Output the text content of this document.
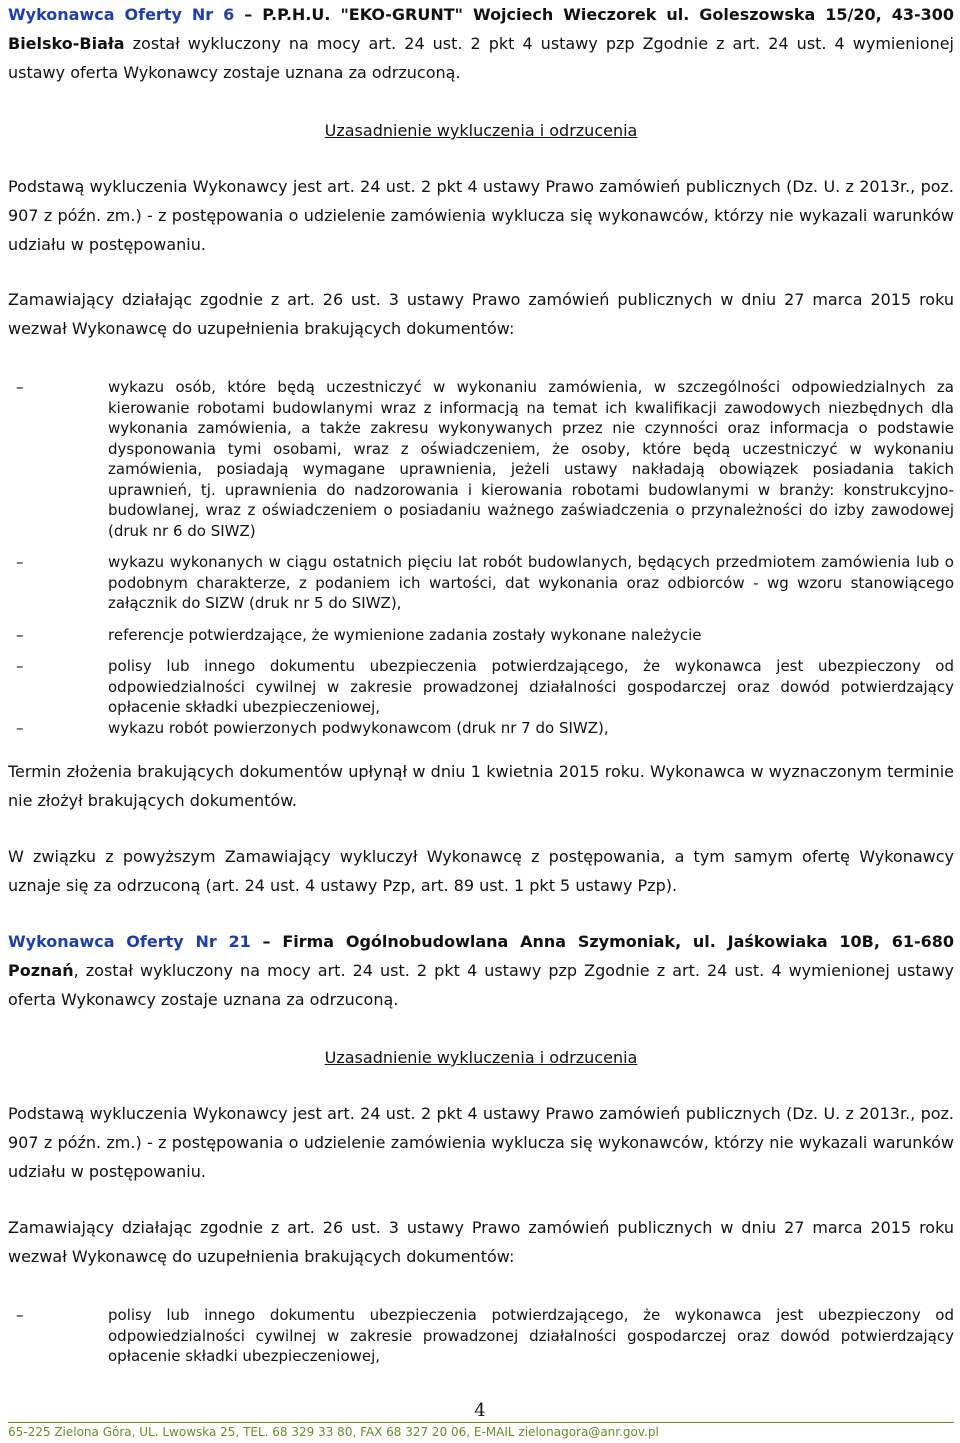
Wykonawca Oferty Nr 6 – P.P.H.U. "EKO-GRUNT" Wojciech Wieczorek ul. Goleszowska 15/20, 43-300 Bielsko-Biała został wykluczony na mocy art. 24 ust. 2 pkt 4 ustawy pzp Zgodnie z art. 24 ust. 4 wymienionej ustawy oferta Wykonawcy zostaje uznana za odrzuconą.

Uzasadnienie wykluczenia i odrzucenia

Podstawą wykluczenia Wykonawcy jest art. 24 ust. 2 pkt 4 ustawy Prawo zamówień publicznych (Dz. U. z 2013r., poz. 907 z późn. zm.) - z postępowania o udzielenie zamówienia wyklucza się wykonawców, którzy nie wykazali warunków udziału w postępowaniu.

Zamawiający działając zgodnie z art. 26 ust. 3 ustawy Prawo zamówień publicznych w dniu 27 marca 2015 roku wezwał Wykonawcę do uzupełnienia brakujących dokumentów:

– wykazu osób, które będą uczestniczyć w wykonaniu zamówienia, w szczególności odpowiedzialnych za kierowanie robotami budowlanymi wraz z informacją na temat ich kwalifikacji zawodowych niezbędnych dla wykonania zamówienia, a także zakresu wykonywanych przez nie czynności oraz informacja o podstawie dysponowania tymi osobami, wraz z oświadczeniem, że osoby, które będą uczestniczyć w wykonaniu zamówienia, posiadają wymagane uprawnienia, jeżeli ustawy nakładają obowiązek posiadania takich uprawnień, tj. uprawnienia do nadzorowania i kierowania robotami budowlanymi w branży: konstrukcyjno-budowlanej, wraz z oświadczeniem o posiadaniu ważnego zaświadczenia o przynależności do izby zawodowej (druk nr 6 do SIWZ)
– wykazu wykonanych w ciągu ostatnich pięciu lat robót budowlanych, będących przedmiotem zamówienia lub o podobnym charakterze, z podaniem ich wartości, dat wykonania oraz odbiorców - wg wzoru stanowiącego załącznik do SIZW (druk nr 5 do SIWZ),
– referencje potwierdzające, że wymienione zadania zostały wykonane należycie
– polisy lub innego dokumentu ubezpieczenia potwierdzającego, że wykonawca jest ubezpieczony od odpowiedzialności cywilnej w zakresie prowadzonej działalności gospodarczej oraz dowód potwierdzający opłacenie składki ubezpieczeniowej,
– wykazu robót powierzonych podwykonawcom (druk nr 7 do SIWZ),

Termin złożenia brakujących dokumentów upłynął w dniu 1 kwietnia 2015 roku. Wykonawca w wyznaczonym terminie nie złożył brakujących dokumentów.

W związku z powyższym Zamawiający wykluczył Wykonawcę z postępowania, a tym samym ofertę Wykonawcy uznaje się za odrzuconą (art. 24 ust. 4 ustawy Pzp, art. 89 ust. 1 pkt 5 ustawy Pzp).

Wykonawca Oferty Nr 21 – Firma Ogólnobudowlana Anna Szymoniak, ul. Jaśkowiaka 10B, 61-680 Poznań, został wykluczony na mocy art. 24 ust. 2 pkt 4 ustawy pzp Zgodnie z art. 24 ust. 4 wymienionej ustawy oferta Wykonawcy zostaje uznana za odrzuconą.

Uzasadnienie wykluczenia i odrzucenia

Podstawą wykluczenia Wykonawcy jest art. 24 ust. 2 pkt 4 ustawy Prawo zamówień publicznych (Dz. U. z 2013r., poz. 907 z późn. zm.) - z postępowania o udzielenie zamówienia wyklucza się wykonawców, którzy nie wykazali warunków udziału w postępowaniu.

Zamawiający działając zgodnie z art. 26 ust. 3 ustawy Prawo zamówień publicznych w dniu 27 marca 2015 roku wezwał Wykonawcę do uzupełnienia brakujących dokumentów:

– polisy lub innego dokumentu ubezpieczenia potwierdzającego, że wykonawca jest ubezpieczony od odpowiedzialności cywilnej w zakresie prowadzonej działalności gospodarczej oraz dowód potwierdzający opłacenie składki ubezpieczeniowej,
4
65-225 Zielona Góra, UL. Lwowska 25, TEL. 68 329 33 80, FAX 68 327 20 06, E-MAIL zielonagora@anr.gov.pl
